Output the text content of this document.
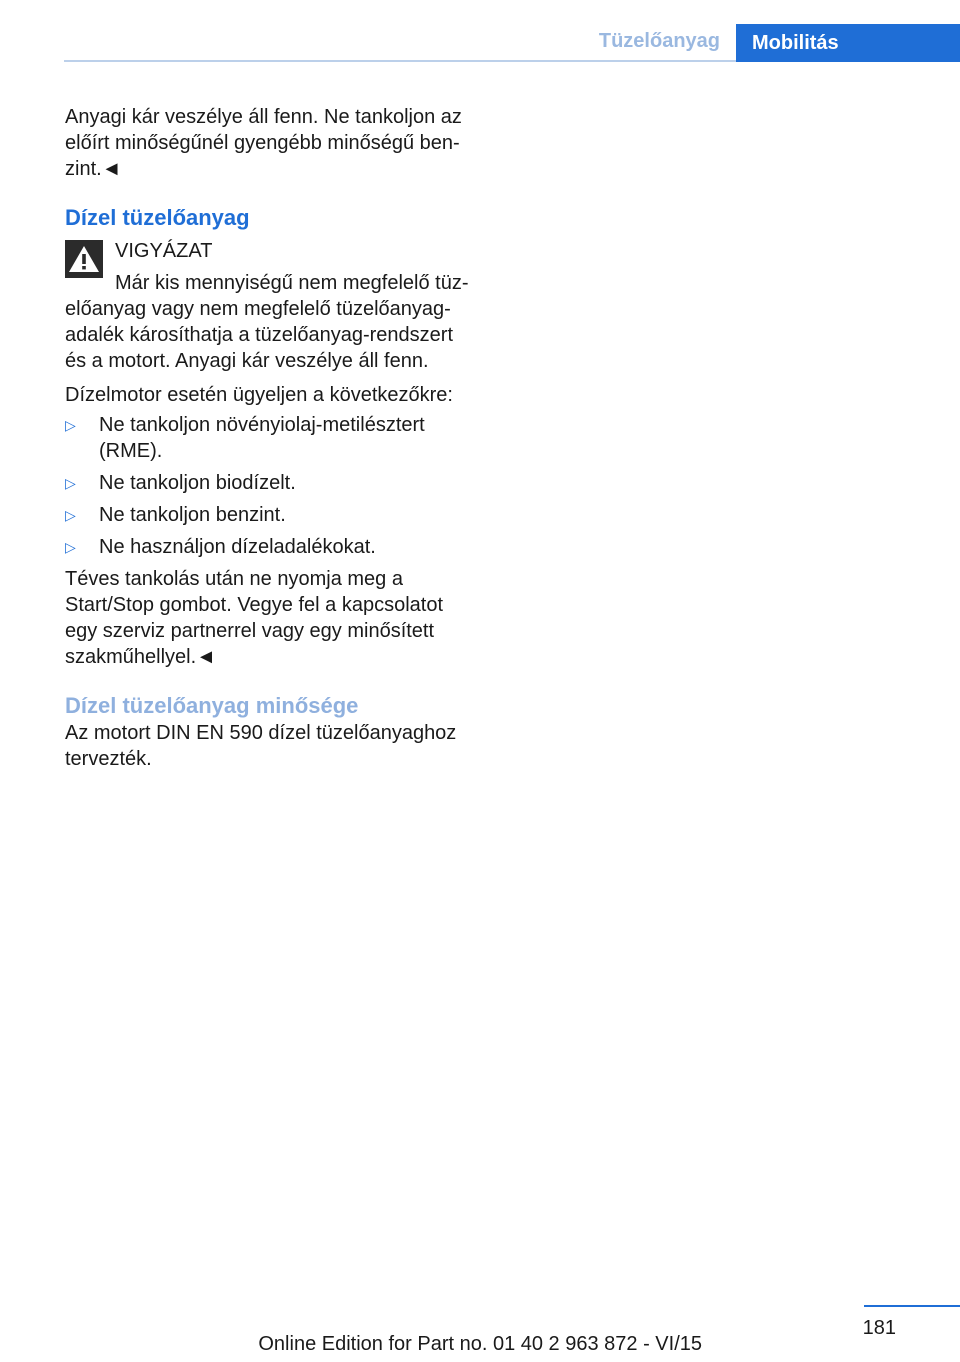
Tüzelőanyag	Mobilitás

Anyagi kár veszélye áll fenn. Ne tankoljon az előírt minőségűnél gyengébb minőségű benzint.◄

Dízel tüzelőanyag

VIGYÁZAT

Már kis mennyiségű nem megfelelő tüzelőanyag vagy nem megfelelő tüzelőanyag-adalék károsíthatja a tüzelőanyag-rendszert és a motort. Anyagi kár veszélye áll fenn.

Dízelmotor esetén ügyeljen a következőkre:

▷ Ne tankoljon növényiolaj-metilésztert (RME).
▷ Ne tankoljon biodízelt.
▷ Ne tankoljon benzint.
▷ Ne használjon dízeladalékokat.

Téves tankolás után ne nyomja meg a Start/Stop gombot. Vegye fel a kapcsolatot egy szerviz partnerrel vagy egy minősített szakműhellyel.◄

Dízel tüzelőanyag minősége

Az motort DIN EN 590 dízel tüzelőanyaghoz tervezték.

181
Online Edition for Part no. 01 40 2 963 872 - VI/15
